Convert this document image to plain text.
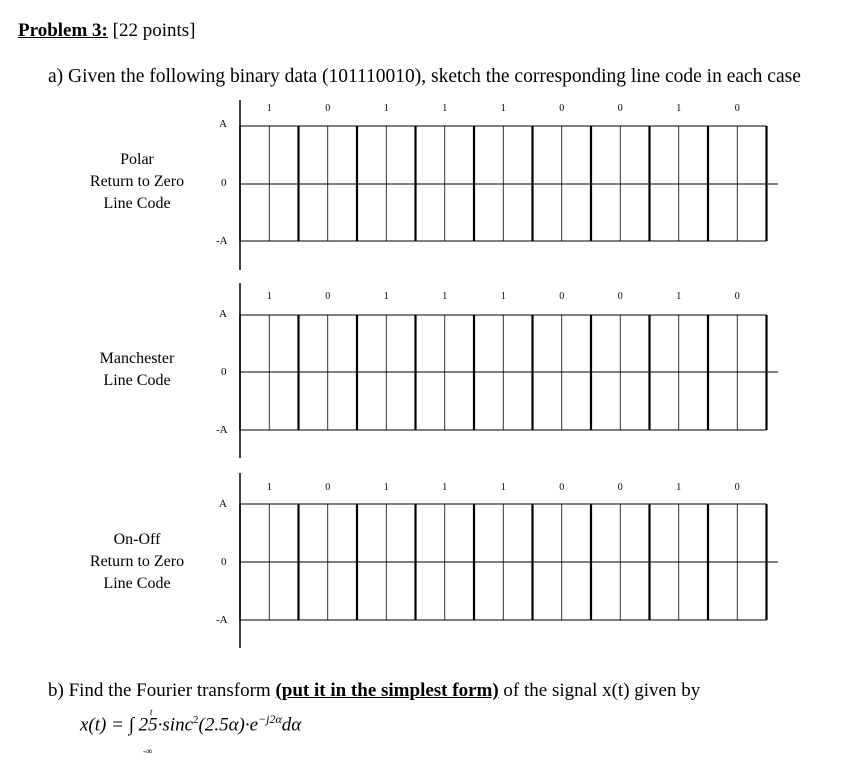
Problem 3: [22 points]
a) Given the following binary data (101110010), sketch the corresponding line code in each case
Polar
Return to Zero
Line Code
Manchester
Line Code
On-Off
Return to Zero
Line Code
A
0
-A
A
0
-A
A
0
-A
1	0	1	1	1	0	0	1	0
1	0	1	1	1	0	0	1	0
1	0	1	1	1	0	0	1	0
b) Find the Fourier transform (put it in the simplest form) of the signal x(t) given by
t
-∞
x(t) = ∫ $25\cdot\sin c^2(2.5\alpha)\cdot e^{-j2\alpha}d\alpha$
